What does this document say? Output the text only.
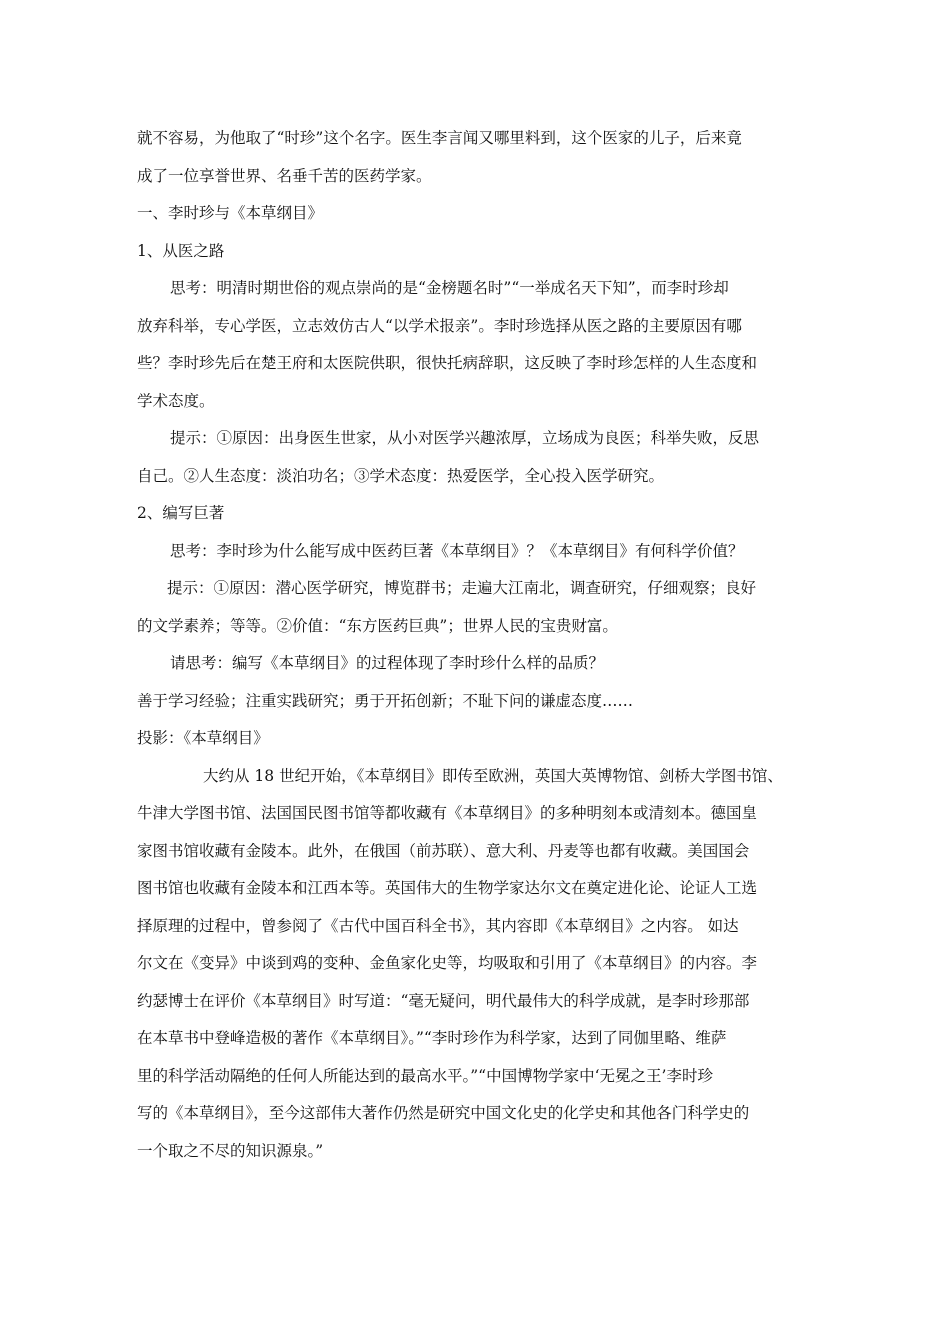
就不容易，为他取了“时珍”这个名字。医生李言闻又哪里料到，这个医家的儿子，后来竟
成了一位享誉世界、名垂千苦的医药学家。
一、李时珍与《本草纲目》
1、从医之路
思考：明清时期世俗的观点崇尚的是“金榜题名时”“一举成名天下知”，而李时珍却
放弃科举，专心学医，立志效仿古人“以学术报亲”。李时珍选择从医之路的主要原因有哪
些？李时珍先后在楚王府和太医院供职，很快托病辞职，这反映了李时珍怎样的人生态度和
学术态度。
提示：①原因：出身医生世家，从小对医学兴趣浓厚，立场成为良医；科举失败，反思
自己。②人生态度：淡泊功名；③学术态度：热爱医学，全心投入医学研究。
2、编写巨著
思考：李时珍为什么能写成中医药巨著《本草纲目》？《本草纲目》有何科学价值？
提示：①原因：潜心医学研究，博览群书；走遍大江南北，调查研究，仔细观察；良好
的文学素养；等等。②价值：“东方医药巨典”；世界人民的宝贵财富。
请思考：编写《本草纲目》的过程体现了李时珍什么样的品质？
善于学习经验；注重实践研究；勇于开拓创新；不耻下问的谦虚态度……
投影：《本草纲目》
大约从 18 世纪开始，《本草纲目》即传至欧洲，英国大英博物馆、剑桥大学图书馆、
牛津大学图书馆、法国国民图书馆等都收藏有《本草纲目》的多种明刻本或清刻本。德国皇
家图书馆收藏有金陵本。此外，在俄国（前苏联）、意大利、丹麦等也都有收藏。美国国会
图书馆也收藏有金陵本和江西本等。英国伟大的生物学家达尔文在奠定进化论、论证人工选
择原理的过程中，曾参阅了《古代中国百科全书》，其内容即《本草纲目》之内容。 如达
尔文在《变异》中谈到鸡的变种、金鱼家化史等，均吸取和引用了《本草纲目》的内容。李
约瑟博士在评价《本草纲目》时写道：“毫无疑问，明代最伟大的科学成就，是李时珍那部
在本草书中登峰造极的著作《本草纲目》。”“李时珍作为科学家，达到了同伽里略、维萨
里的科学活动隔绝的任何人所能达到的最高水平。”“中国博物学家中‘无冕之王’李时珍
写的《本草纲目》，至今这部伟大著作仍然是研究中国文化史的化学史和其他各门科学史的
一个取之不尽的知识源泉。”
